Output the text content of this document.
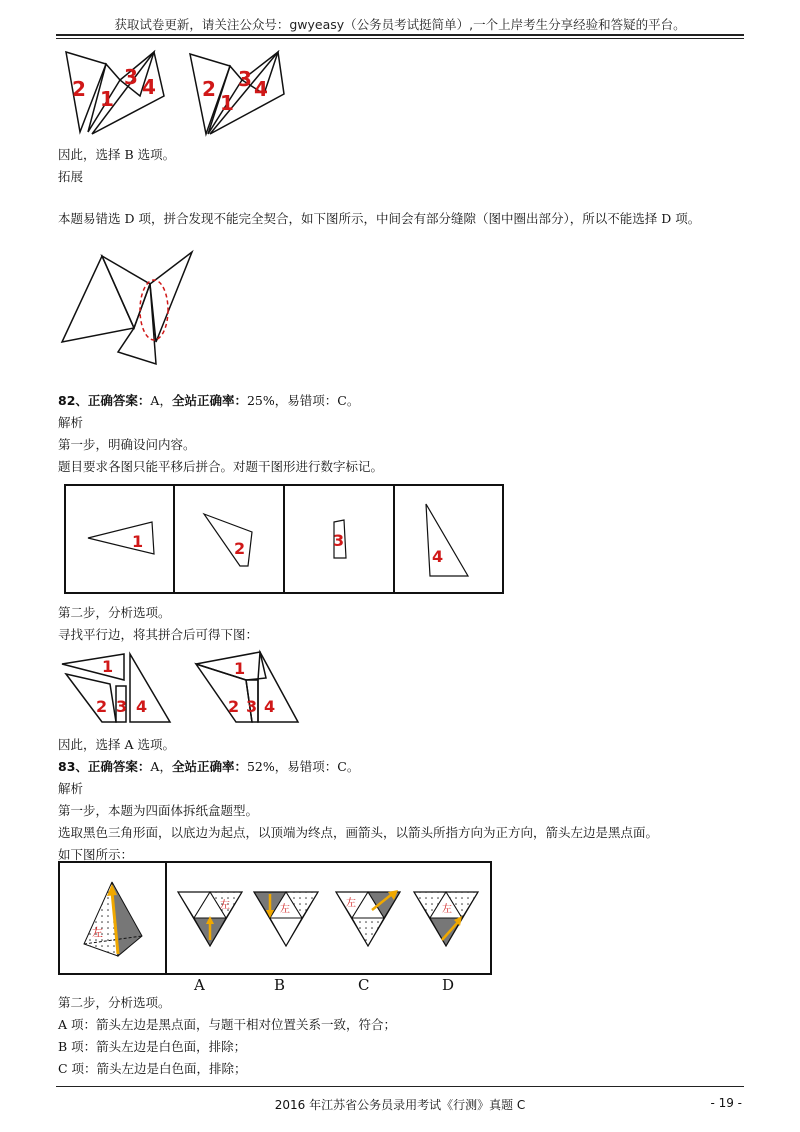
获取试卷更新，请关注公众号：gwyeasy（公务员考试挺简单）,一个上岸考生分享经验和答疑的平台。
2 1
3 4 2
1
3 4
因此，选择 B 选项。
拓展
本题易错选 D 项，拼合发现不能完全契合，如下图所示，中间会有部分缝隙（图中圈出部分），所以不能选择 D 项。
82、正确答案：A，全站正确率：25%，易错项：C。
解析
第一步，明确设问内容。
题目要求各图只能平移后拼合。对题干图形进行数字标记。
1	2	3
4
第二步，分析选项。
寻找平行边，将其拼合后可得下图：
1
2 3 4
1
2 3 4
因此，选择 A 选项。
83、正确答案：A，全站正确率：52%，易错项：C。
解析
第一步，本题为四面体拆纸盒题型。
选取黑色三角形面，以底边为起点，以顶端为终点，画箭头，以箭头所指方向为正方向，箭头左边是黑点面。
如下图所示：
左
左	左
左
左
A	B	C	D
第二步，分析选项。
A 项：箭头左边是黑点面，与题干相对位置关系一致，符合；
B 项：箭头左边是白色面，排除；
C 项：箭头左边是白色面，排除；
2016 年江苏省公务员录用考试《行测》真题 C	- 19 -
